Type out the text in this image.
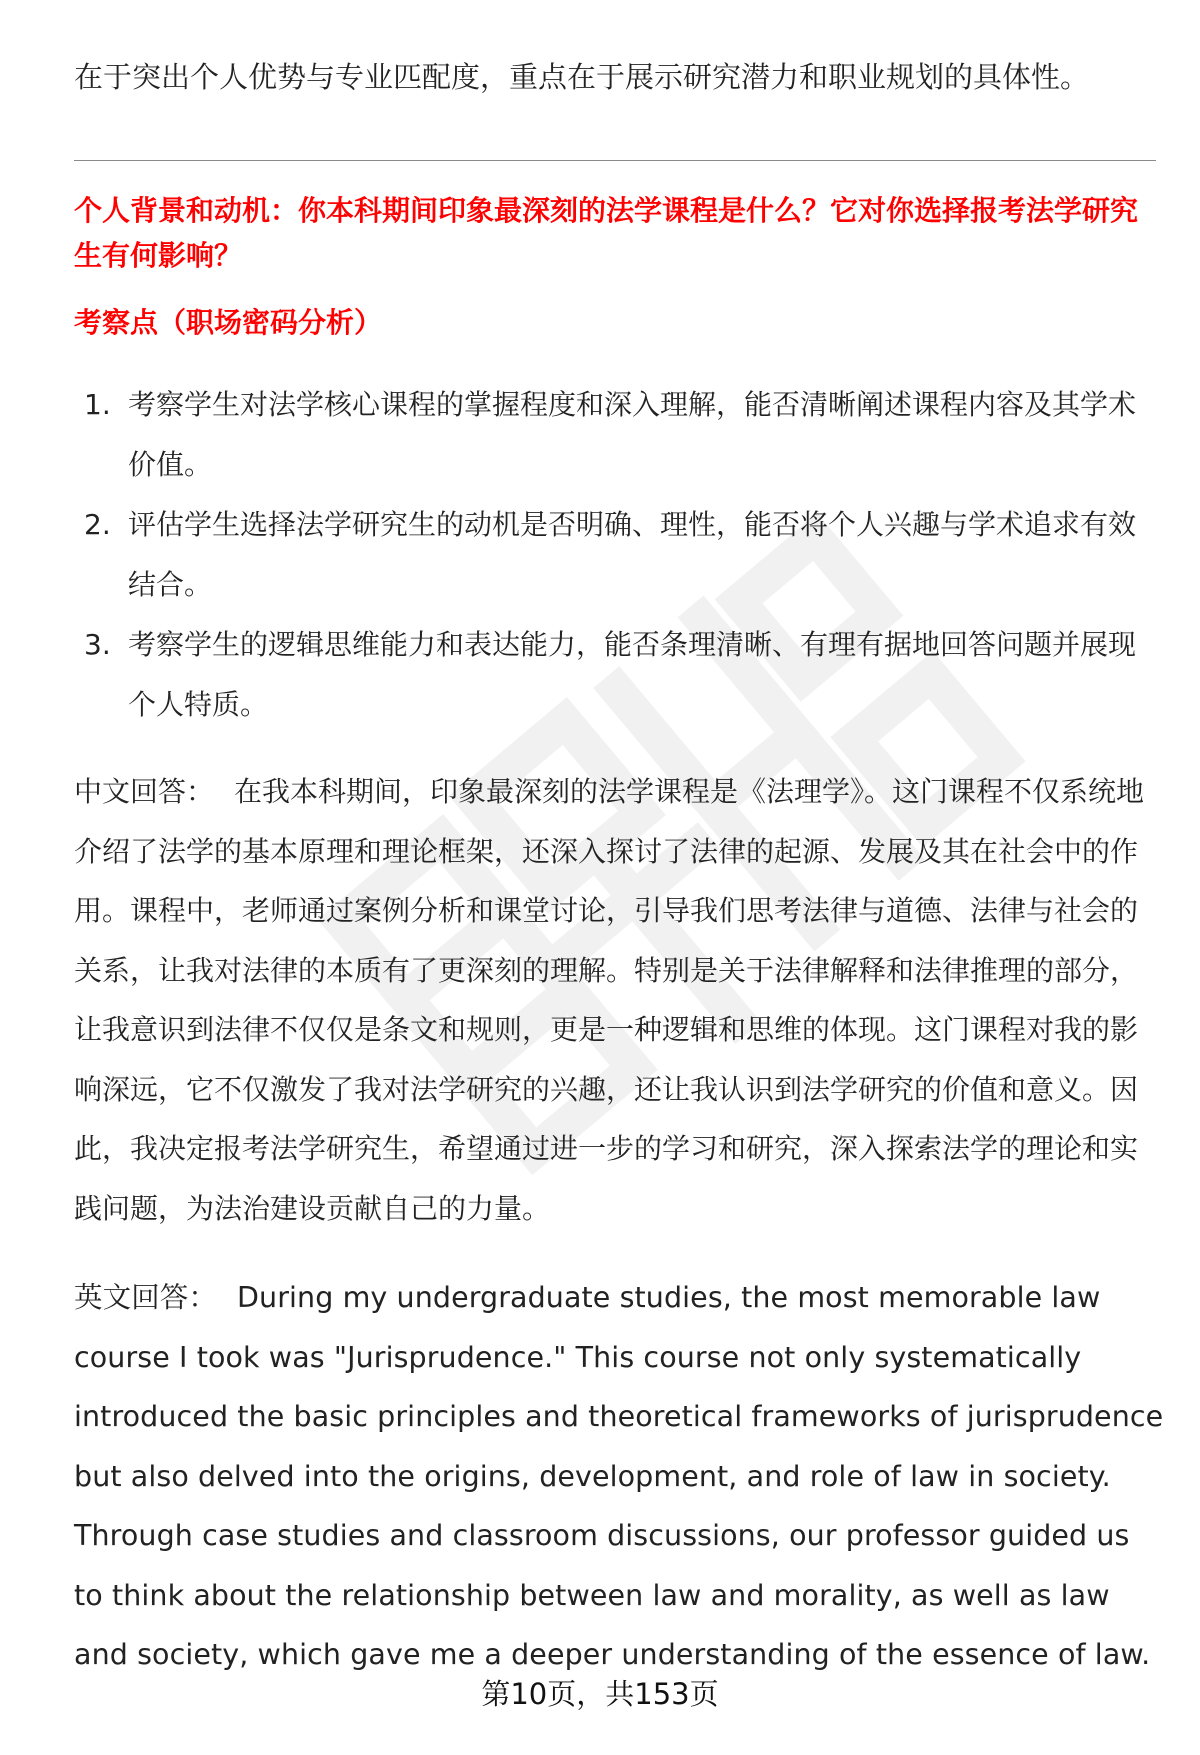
在于突出个人优势与专业匹配度，重点在于展示研究潜力和职业规划的具体性。
个人背景和动机：你本科期间印象最深刻的法学课程是什么？它对你选择报考法学研究生有何影响？
考察点（职场密码分析）
1. 考察学生对法学核心课程的掌握程度和深入理解，能否清晰阐述课程内容及其学术价值。
2. 评估学生选择法学研究生的动机是否明确、理性，能否将个人兴趣与学术追求有效结合。
3. 考察学生的逻辑思维能力和表达能力，能否条理清晰、有理有据地回答问题并展现个人特质。
中文回答： 在我本科期间，印象最深刻的法学课程是《法理学》。这门课程不仅系统地介绍了法学的基本原理和理论框架，还深入探讨了法律的起源、发展及其在社会中的作用。课程中，老师通过案例分析和课堂讨论，引导我们思考法律与道德、法律与社会的关系，让我对法律的本质有了更深刻的理解。特别是关于法律解释和法律推理的部分，让我意识到法律不仅仅是条文和规则，更是一种逻辑和思维的体现。这门课程对我的影响深远，它不仅激发了我对法学研究的兴趣，还让我认识到法学研究的价值和意义。因此，我决定报考法学研究生，希望通过进一步的学习和研究，深入探索法学的理论和实践问题，为法治建设贡献自己的力量。
英文回答： During my undergraduate studies, the most memorable law course I took was "Jurisprudence." This course not only systematically introduced the basic principles and theoretical frameworks of jurisprudence but also delved into the origins, development, and role of law in society. Through case studies and classroom discussions, our professor guided us to think about the relationship between law and morality, as well as law and society, which gave me a deeper understanding of the essence of law.
第10页，共153页
